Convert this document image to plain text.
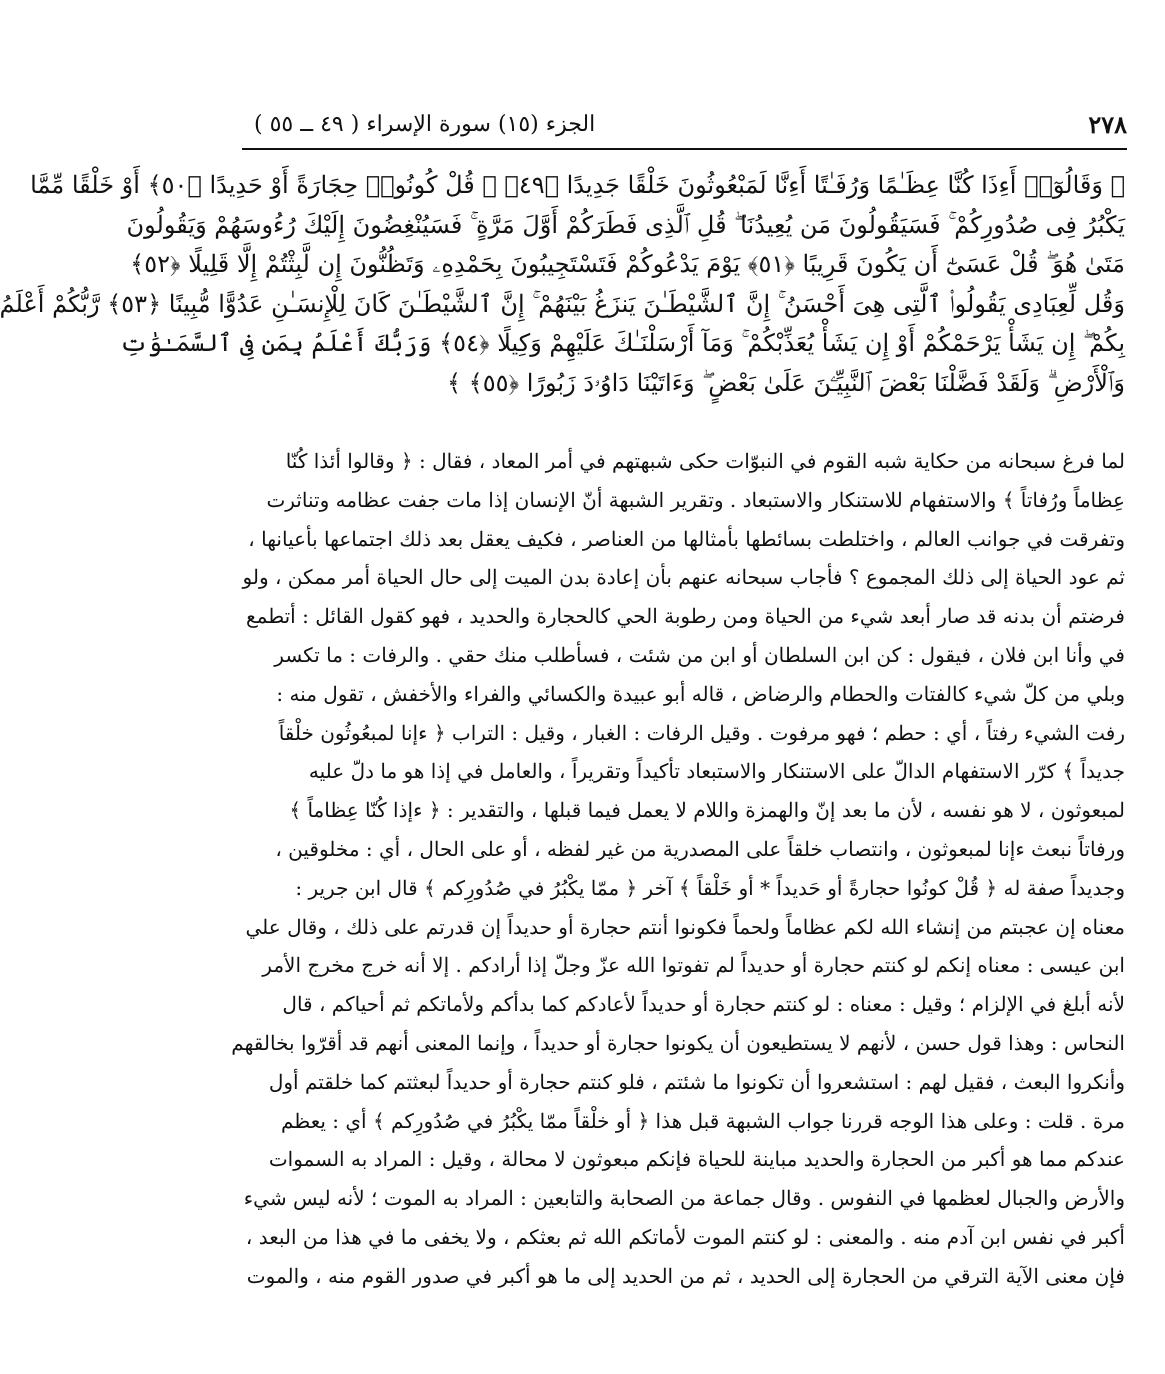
٢٧٨
الجزء (١٥) سورة الإسراء ( ٤٩ ــ ٥٥ )
﴿ وَقَالُوٓا۟ أَءِذَا كُنَّا عِظَـٰمًا وَرُفَـٰتًا أَءِنَّا لَمَبْعُوثُونَ خَلْقًا جَدِيدًا ﴿٤٩﴾ ۞ قُلْ كُونُوا۟ حِجَارَةً أَوْ حَدِيدًا ﴿٥٠﴾ أَوْ خَلْقًا مِّمَّا
يَكْبُرُ فِى صُدُورِكُمْ ۚ فَسَيَقُولُونَ مَن يُعِيدُنَا ۖ قُلِ ٱلَّذِى فَطَرَكُمْ أَوَّلَ مَرَّةٍ ۚ فَسَيُنْغِضُونَ إِلَيْكَ رُءُوسَهُمْ وَيَقُولُونَ
مَتَىٰ هُوَ ۖ قُلْ عَسَىٰٓ أَن يَكُونَ قَرِيبًا ﴿٥١﴾ يَوْمَ يَدْعُوكُمْ فَتَسْتَجِيبُونَ بِحَمْدِهِۦ وَتَظُنُّونَ إِن لَّبِثْتُمْ إِلَّا قَلِيلًا ﴿٥٢﴾
وَقُل لِّعِبَادِى يَقُولُوا۟ ٱلَّتِى هِىَ أَحْسَنُ ۚ إِنَّ ٱلشَّيْطَـٰنَ يَنزَغُ بَيْنَهُمْ ۚ إِنَّ ٱلشَّيْطَـٰنَ كَانَ لِلْإِنسَـٰنِ عَدُوًّا مُّبِينًا ﴿٥٣﴾ رَّبُّكُمْ أَعْلَمُ
بِكُمْ ۖ إِن يَشَأْ يَرْحَمْكُمْ أَوْ إِن يَشَأْ يُعَذِّبْكُمْ ۚ وَمَآ أَرْسَلْنَـٰكَ عَلَيْهِمْ وَكِيلًا ﴿٥٤﴾ وَرَبُّكَ أَعْلَمُ بِمَن فِى ٱلسَّمَـٰوَٰتِ
وَٱلْأَرْضِ ۗ وَلَقَدْ فَضَّلْنَا بَعْضَ ٱلنَّبِيِّـۧنَ عَلَىٰ بَعْضٍ ۖ وَءَاتَيْنَا دَاوُۥدَ زَبُورًا ﴿٥٥﴾ ﴾
لما فرغ سبحانه من حكاية شبه القوم في النبوّات حكى شبهتهم في أمر المعاد ، فقال : ﴿ وقالوا أئذا كُنّا
عِظاماً ورُفاتاً ﴾ والاستفهام للاستنكار والاستبعاد . وتقرير الشبهة أنّ الإنسان إذا مات جفت عظامه وتناثرت
وتفرقت في جوانب العالم ، واختلطت بسائطها بأمثالها من العناصر ، فكيف يعقل بعد ذلك اجتماعها بأعيانها ،
ثم عود الحياة إلى ذلك المجموع ؟ فأجاب سبحانه عنهم بأن إعادة بدن الميت إلى حال الحياة أمر ممكن ، ولو
فرضتم أن بدنه قد صار أبعد شيء من الحياة ومن رطوبة الحي كالحجارة والحديد ، فهو كقول القائل : أتطمع
في وأنا ابن فلان ، فيقول : كن ابن السلطان أو ابن من شئت ، فسأطلب منك حقي . والرفات : ما تكسر
وبلي من كلّ شيء كالفتات والحطام والرضاض ، قاله أبو عبيدة والكسائي والفراء والأخفش ، تقول منه :
رفت الشيء رفتاً ، أي : حطم ؛ فهو مرفوت . وقيل الرفات : الغبار ، وقيل : التراب ﴿ ءإنا لمبعُوثُون خلْقاً
جديداً ﴾ كرّر الاستفهام الدالّ على الاستنكار والاستبعاد تأكيداً وتقريراً ، والعامل في إذا هو ما دلّ عليه
لمبعوثون ، لا هو نفسه ، لأن ما بعد إنّ والهمزة واللام لا يعمل فيما قبلها ، والتقدير : ﴿ ءإذا كُنّا عِظاماً ﴾
ورفاتاً نبعث ءإنا لمبعوثون ، وانتصاب خلقاً على المصدرية من غير لفظه ، أو على الحال ، أي : مخلوقين ،
وجديداً صفة له ﴿ قُلْ كونُوا حجارةً أو حَديداً * أو خَلْقاً ﴾ آخر ﴿ ممّا يكْبُرُ في صُدُورِكم ﴾ قال ابن جرير :
معناه إن عجبتم من إنشاء الله لكم عظاماً ولحماً فكونوا أنتم حجارة أو حديداً إن قدرتم على ذلك ، وقال علي
ابن عيسى : معناه إنكم لو كنتم حجارة أو حديداً لم تفوتوا الله عزّ وجلّ إذا أرادكم . إلا أنه خرج مخرج الأمر
لأنه أبلغ في الإلزام ؛ وقيل : معناه : لو كنتم حجارة أو حديداً لأعادكم كما بدأكم ولأماتكم ثم أحياكم ، قال
النحاس : وهذا قول حسن ، لأنهم لا يستطيعون أن يكونوا حجارة أو حديداً ، وإنما المعنى أنهم قد أقرّوا بخالقهم
وأنكروا البعث ، فقيل لهم : استشعروا أن تكونوا ما شئتم ، فلو كنتم حجارة أو حديداً لبعثتم كما خلقتم أول
مرة . قلت : وعلى هذا الوجه قررنا جواب الشبهة قبل هذا ﴿ أو خلْقاً ممّا يكْبُرُ في صُدُورِكم ﴾ أي : يعظم
عندكم مما هو أكبر من الحجارة والحديد مباينة للحياة فإنكم مبعوثون لا محالة ، وقيل : المراد به السموات
والأرض والجبال لعظمها في النفوس . وقال جماعة من الصحابة والتابعين : المراد به الموت ؛ لأنه ليس شيء
أكبر في نفس ابن آدم منه . والمعنى : لو كنتم الموت لأماتكم الله ثم بعثكم ، ولا يخفى ما في هذا من البعد ،
فإن معنى الآية الترقي من الحجارة إلى الحديد ، ثم من الحديد إلى ما هو أكبر في صدور القوم منه ، والموت
